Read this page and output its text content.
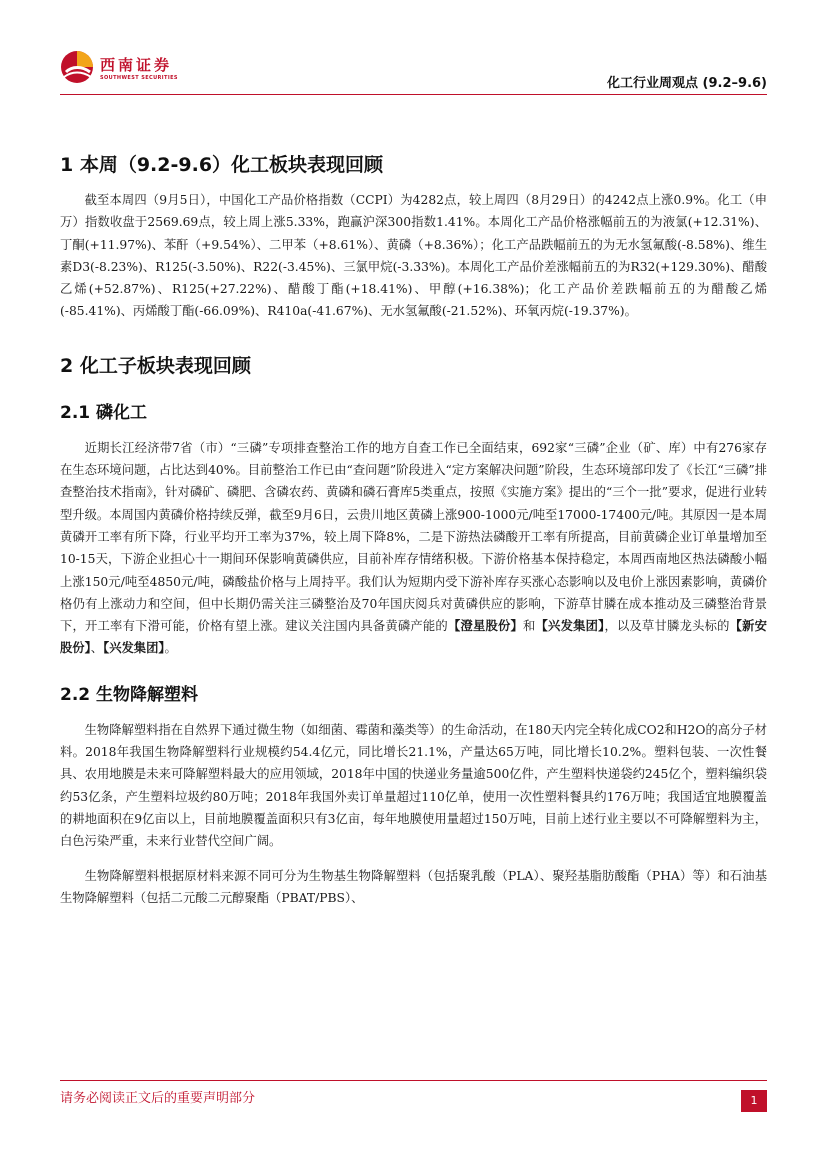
西南证券
SOUTHWEST SECURITIES	化工行业周观点 (9.2–9.6)
1 本周（9.2-9.6）化工板块表现回顾

截至本周四（9月5日），中国化工产品价格指数（CCPI）为4282点，较上周四（8月29日）的4242点上涨0.9%。化工（申万）指数收盘于2569.69点，较上周上涨5.33%，跑赢沪深300指数1.41%。本周化工产品价格涨幅前五的为液氯(+12.31%)、丁酮(+11.97%)、苯酐（+9.54%）、二甲苯（+8.61%）、黄磷（+8.36%）；化工产品跌幅前五的为无水氢氟酸(-8.58%)、维生素D3(-8.23%)、R125(-3.50%)、R22(-3.45%)、三氯甲烷(-3.33%)。本周化工产品价差涨幅前五的为R32(+129.30%)、醋酸乙烯(+52.87%)、R125(+27.22%)、醋酸丁酯(+18.41%)、甲醇(+16.38%)；化工产品价差跌幅前五的为醋酸乙烯(-85.41%)、丙烯酸丁酯(-66.09%)、R410a(-41.67%)、无水氢氟酸(-21.52%)、环氧丙烷(-19.37%)。

2 化工子板块表现回顾
2.1 磷化工

近期长江经济带7省（市）“三磷”专项排查整治工作的地方自查工作已全面结束，692家“三磷”企业（矿、库）中有276家存在生态环境问题，占比达到40%。目前整治工作已由“查问题”阶段进入“定方案解决问题”阶段，生态环境部印发了《长江“三磷”排查整治技术指南》，针对磷矿、磷肥、含磷农药、黄磷和磷石膏库5类重点，按照《实施方案》提出的“三个一批”要求，促进行业转型升级。本周国内黄磷价格持续反弹，截至9月6日，云贵川地区黄磷上涨900-1000元/吨至17000-17400元/吨。其原因一是本周黄磷开工率有所下降，行业平均开工率为37%，较上周下降8%，二是下游热法磷酸开工率有所提高，目前黄磷企业订单量增加至10-15天，下游企业担心十一期间环保影响黄磷供应，目前补库存情绪积极。下游价格基本保持稳定，本周西南地区热法磷酸小幅上涨150元/吨至4850元/吨，磷酸盐价格与上周持平。我们认为短期内受下游补库存买涨心态影响以及电价上涨因素影响，黄磷价格仍有上涨动力和空间，但中长期仍需关注三磷整治及70年国庆阅兵对黄磷供应的影响，下游草甘膦在成本推动及三磷整治背景下，开工率有下滑可能，价格有望上涨。建议关注国内具备黄磷产能的【澄星股份】和【兴发集团】，以及草甘膦龙头标的【新安股份】、【兴发集团】。

2.2 生物降解塑料

生物降解塑料指在自然界下通过微生物（如细菌、霉菌和藻类等）的生命活动，在180天内完全转化成CO2和H2O的高分子材料。2018年我国生物降解塑料行业规模约54.4亿元，同比增长21.1%，产量达65万吨，同比增长10.2%。塑料包装、一次性餐具、农用地膜是未来可降解塑料最大的应用领域，2018年中国的快递业务量逾500亿件，产生塑料快递袋约245亿个，塑料编织袋约53亿条，产生塑料垃圾约80万吨；2018年我国外卖订单量超过110亿单，使用一次性塑料餐具约176万吨；我国适宜地膜覆盖的耕地面积在9亿亩以上，目前地膜覆盖面积只有3亿亩，每年地膜使用量超过150万吨，目前上述行业主要以不可降解塑料为主，白色污染严重，未来行业替代空间广阔。

生物降解塑料根据原材料来源不同可分为生物基生物降解塑料（包括聚乳酸（PLA）、聚羟基脂肪酸酯（PHA）等）和石油基生物降解塑料（包括二元酸二元醇聚酯（PBAT/PBS）、

请务必阅读正文后的重要声明部分	1
